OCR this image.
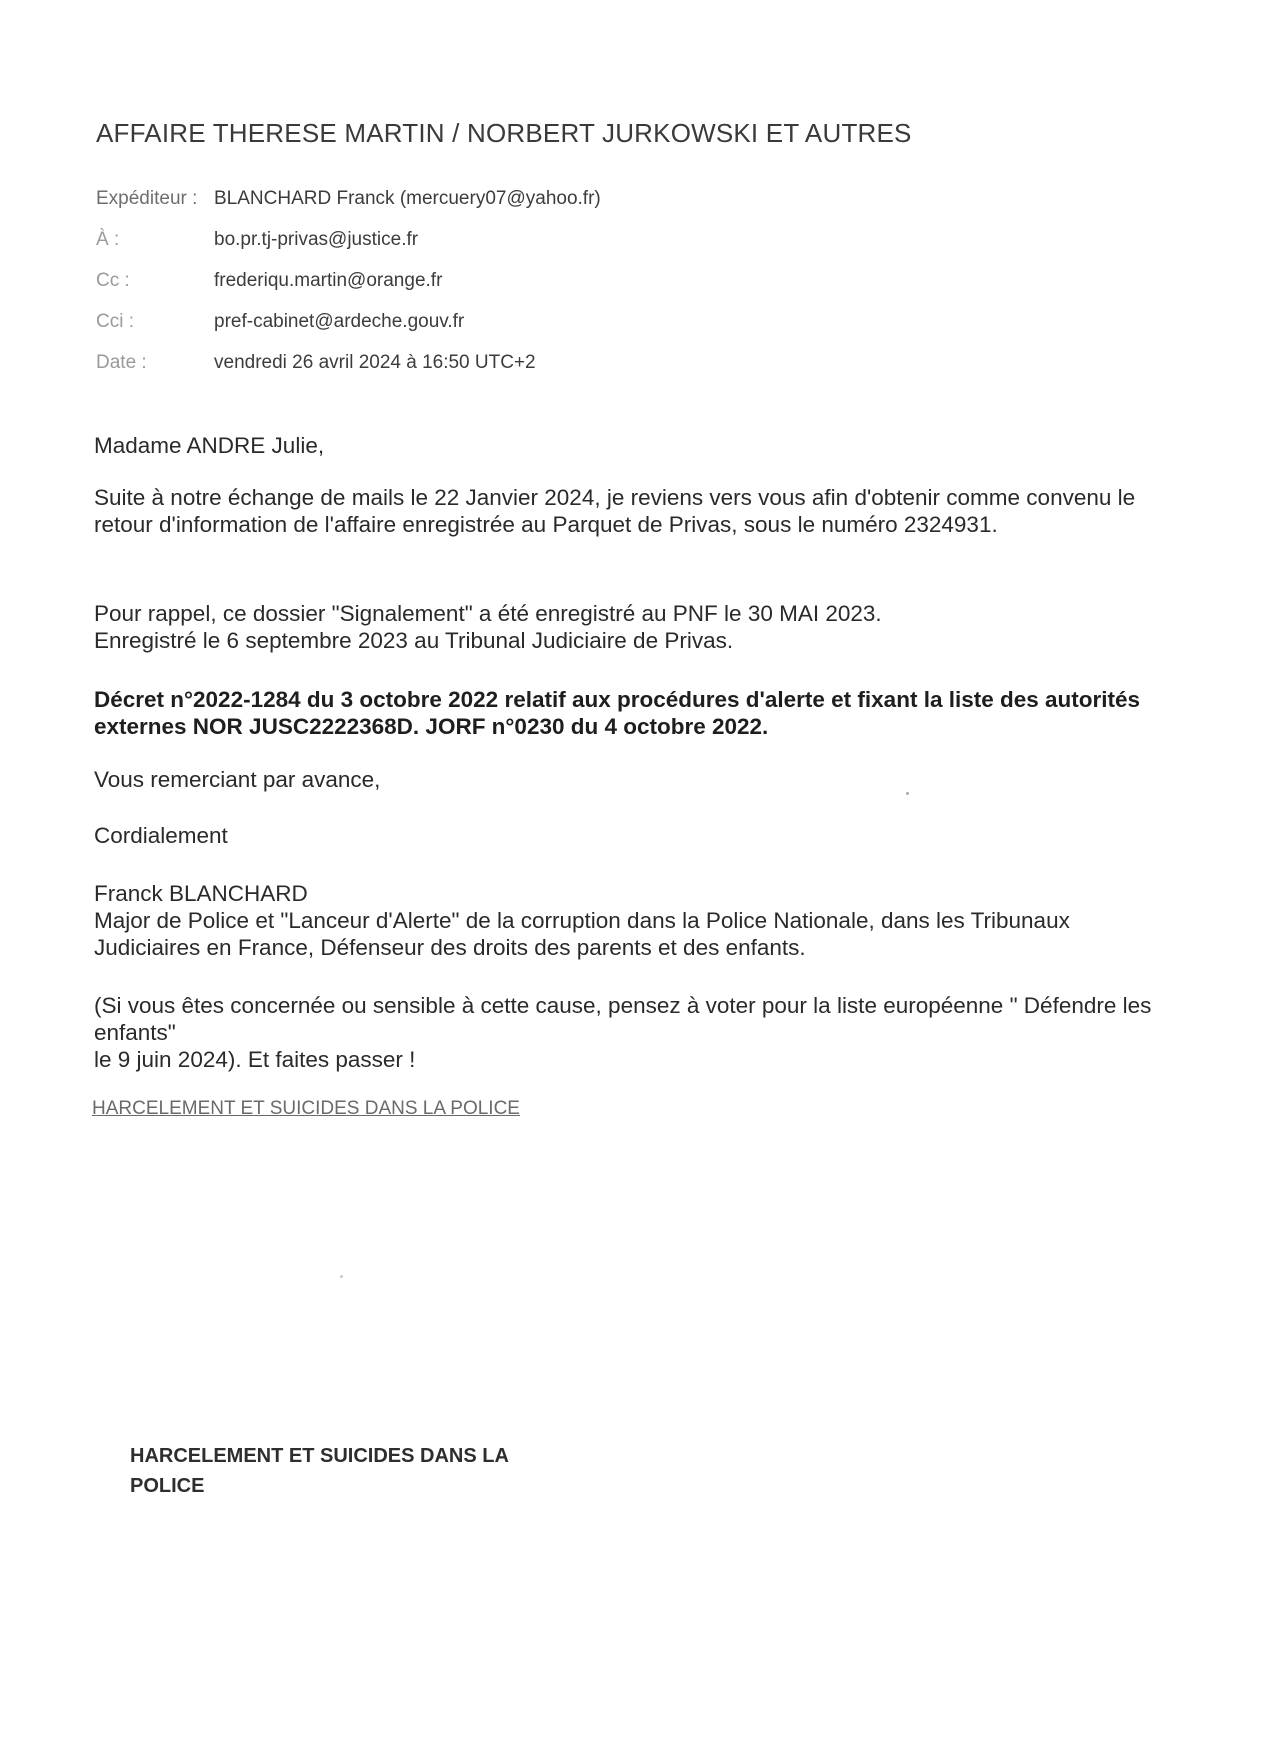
AFFAIRE THERESE MARTIN / NORBERT JURKOWSKI ET AUTRES
Expéditeur : BLANCHARD Franck (mercuery07@yahoo.fr)
À :	bo.pr.tj-privas@justice.fr
Cc :	frederiqu.martin@orange.fr
Cci :	pref-cabinet@ardeche.gouv.fr
Date :	vendredi 26 avril 2024 à 16:50 UTC+2

Madame ANDRE Julie,

Suite à notre échange de mails le 22 Janvier 2024, je reviens vers vous afin d'obtenir comme convenu le retour d'information de l'affaire enregistrée au Parquet de Privas, sous le numéro 2324931.

Pour rappel, ce dossier "Signalement" a été enregistré au PNF le 30 MAI 2023.

Enregistré le 6 septembre 2023 au Tribunal Judiciaire de Privas.

Décret n°2022-1284 du 3 octobre 2022 relatif aux procédures d'alerte et fixant la liste des autorités externes NOR JUSC2222368D. JORF n°0230 du 4 octobre 2022.

Vous remerciant par avance,

Cordialement

Franck BLANCHARD

Major de Police et "Lanceur d'Alerte" de la corruption dans la Police Nationale, dans les Tribunaux Judiciaires en France, Défenseur des droits des parents et des enfants.

(Si vous êtes concernée ou sensible à cette cause, pensez à voter pour la liste européenne " Défendre les enfants"

le 9 juin 2024). Et faites passer !

HARCELEMENT ET SUICIDES DANS LA POLICE
HARCELEMENT ET SUICIDES DANS LA POLICE
